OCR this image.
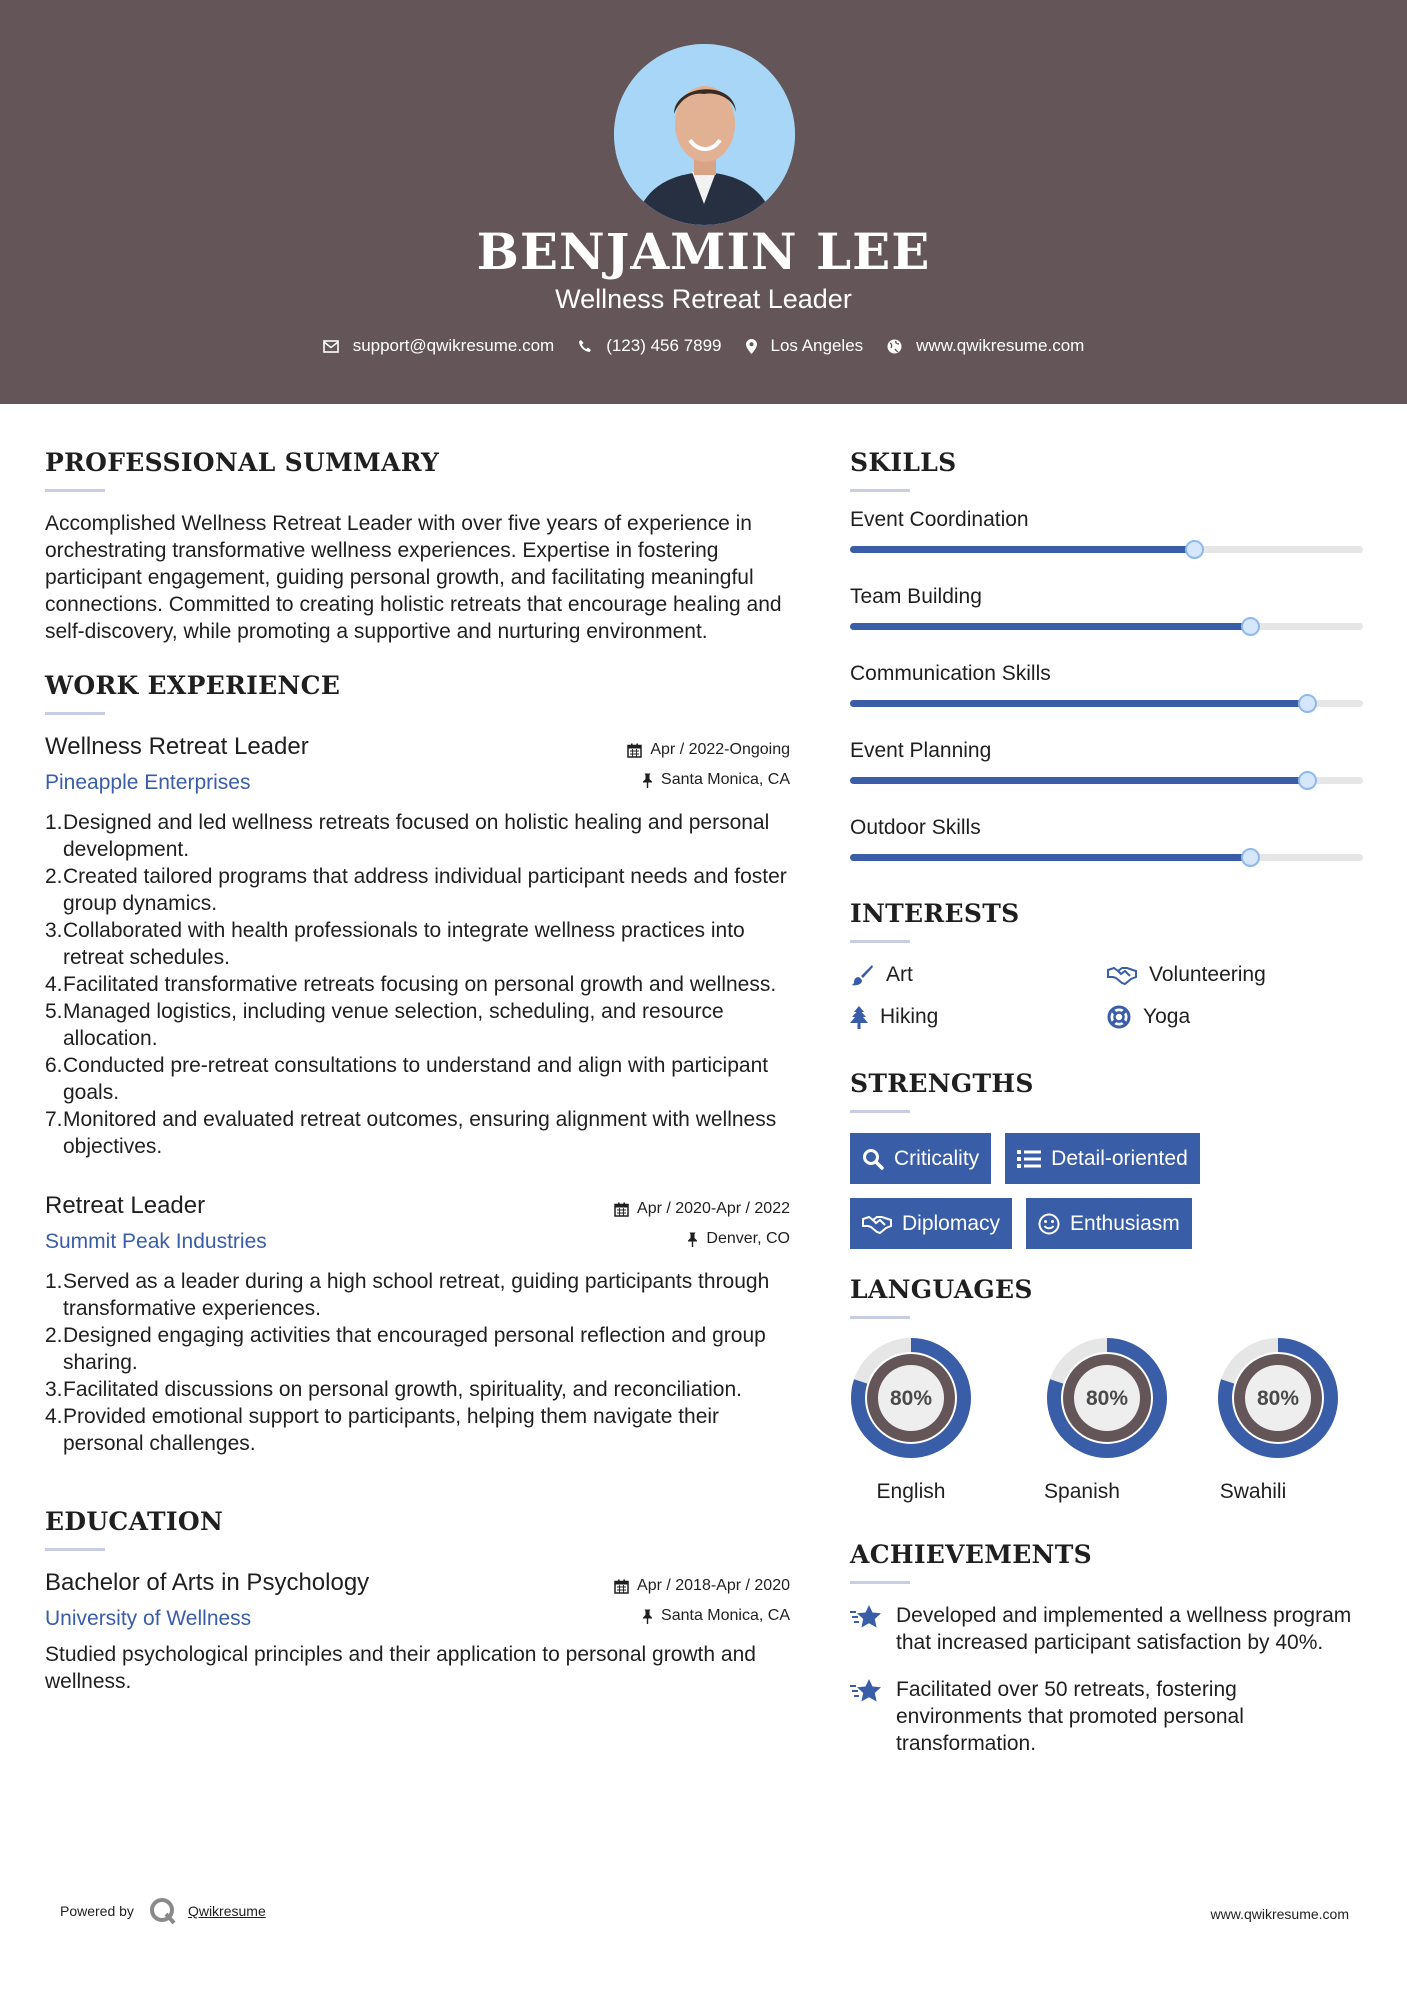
BENJAMIN LEE
Wellness Retreat Leader
support@qwikresume.com	(123) 456 7899	Los Angeles	www.qwikresume.com
PROFESSIONAL SUMMARY
Accomplished Wellness Retreat Leader with over five years of experience in orchestrating transformative wellness experiences. Expertise in fostering participant engagement, guiding personal growth, and facilitating meaningful connections. Committed to creating holistic retreats that encourage healing and self-discovery, while promoting a supportive and nurturing environment.
WORK EXPERIENCE
Wellness Retreat Leader
Pineapple Enterprises
Apr / 2022-Ongoing
Santa Monica, CA
1. Designed and led wellness retreats focused on holistic healing and personal development.
2. Created tailored programs that address individual participant needs and foster group dynamics.
3. Collaborated with health professionals to integrate wellness practices into retreat schedules.
4. Facilitated transformative retreats focusing on personal growth and wellness.
5. Managed logistics, including venue selection, scheduling, and resource allocation.
6. Conducted pre-retreat consultations to understand and align with participant goals.
7. Monitored and evaluated retreat outcomes, ensuring alignment with wellness objectives.
Retreat Leader
Summit Peak Industries
Apr / 2020-Apr / 2022
Denver, CO
1. Served as a leader during a high school retreat, guiding participants through transformative experiences.
2. Designed engaging activities that encouraged personal reflection and group sharing.
3. Facilitated discussions on personal growth, spirituality, and reconciliation.
4. Provided emotional support to participants, helping them navigate their personal challenges.
EDUCATION
Bachelor of Arts in Psychology
University of Wellness
Apr / 2018-Apr / 2020
Santa Monica, CA
Studied psychological principles and their application to personal growth and wellness.
SKILLS
Event Coordination
Team Building
Communication Skills
Event Planning
Outdoor Skills
INTERESTS
Art	Volunteering
Hiking	Yoga
STRENGTHS
Criticality	Detail-oriented
Diplomacy	Enthusiasm
LANGUAGES
80%
English
80%
Spanish
80%
Swahili
ACHIEVEMENTS
Developed and implemented a wellness program that increased participant satisfaction by 40%.
Facilitated over 50 retreats, fostering environments that promoted personal transformation.
Powered by	Qwikresume	www.qwikresume.com
